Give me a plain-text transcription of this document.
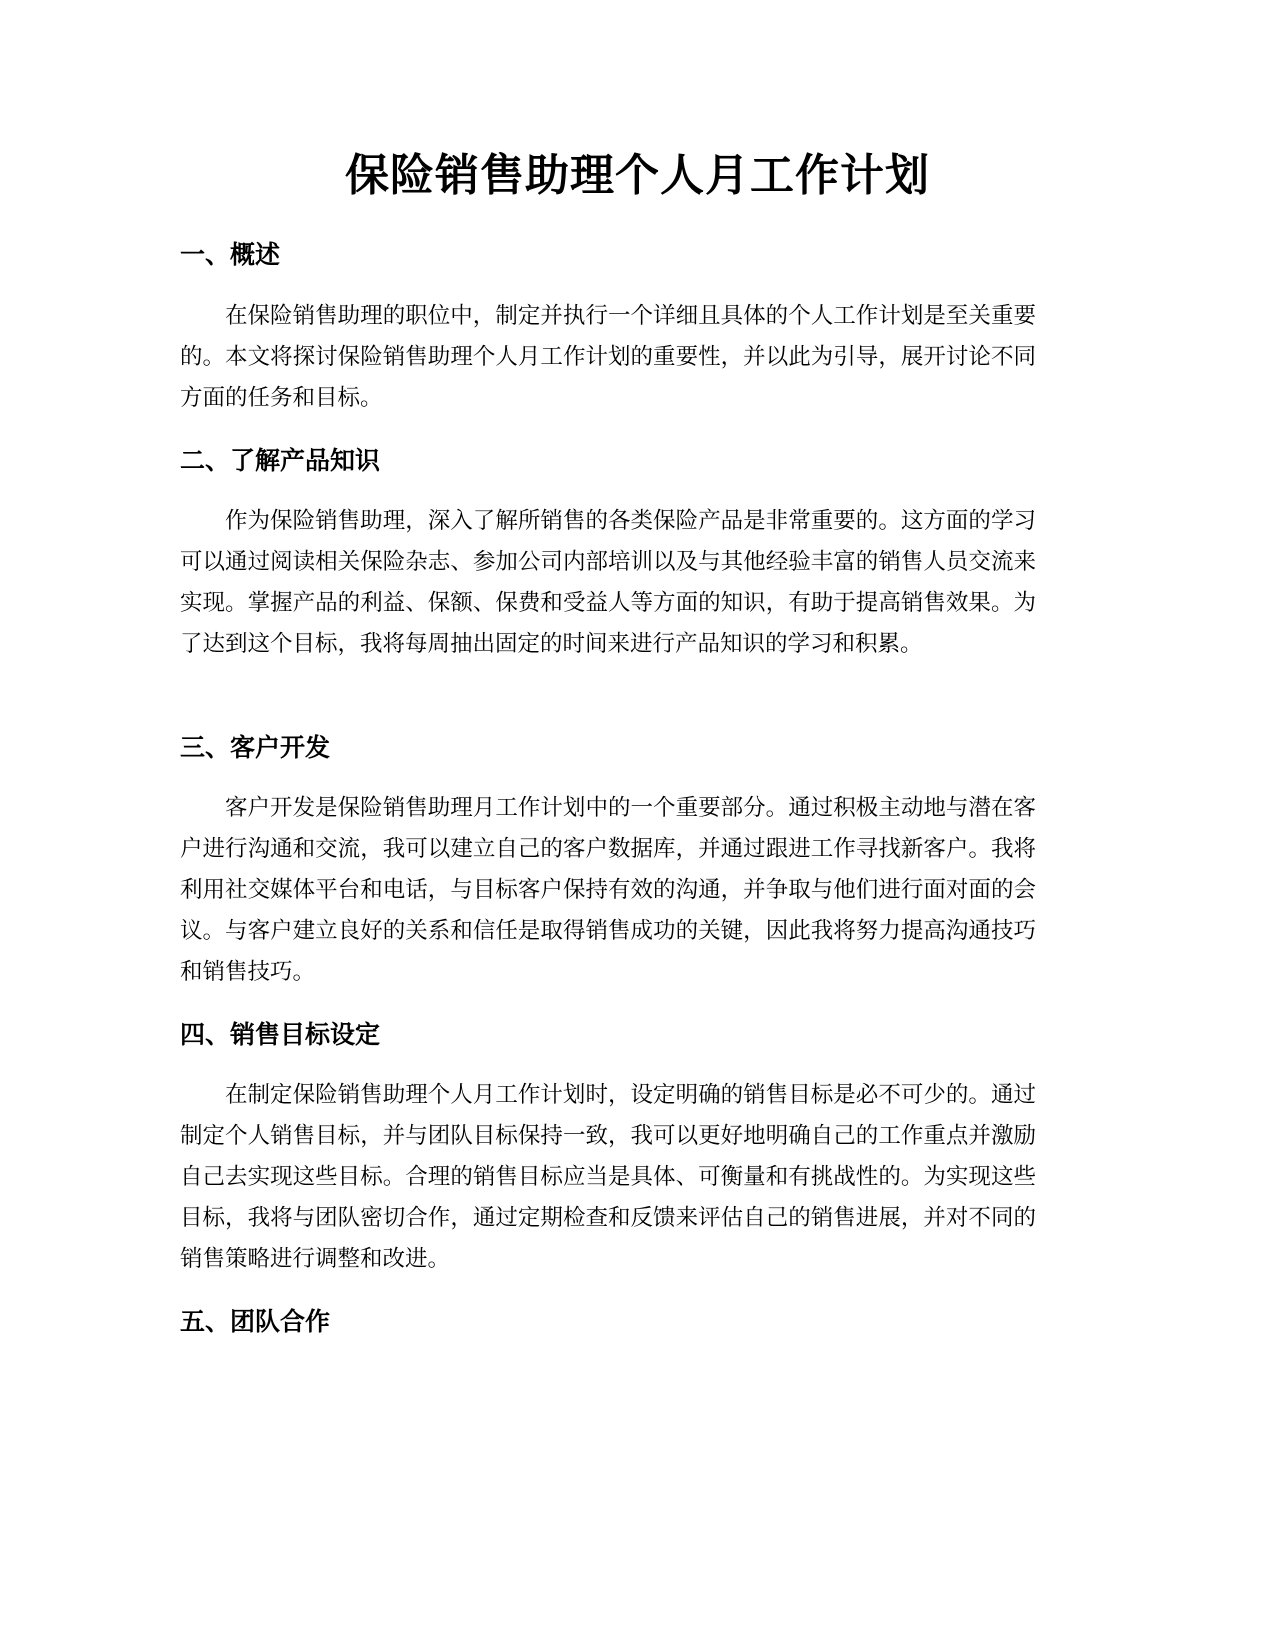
保险销售助理个人月工作计划
一、概述

在保险销售助理的职位中，制定并执行一个详细且具体的个人工作计划是至关重要的。本文将探讨保险销售助理个人月工作计划的重要性，并以此为引导，展开讨论不同方面的任务和目标。

二、了解产品知识

作为保险销售助理，深入了解所销售的各类保险产品是非常重要的。这方面的学习可以通过阅读相关保险杂志、参加公司内部培训以及与其他经验丰富的销售人员交流来实现。掌握产品的利益、保额、保费和受益人等方面的知识，有助于提高销售效果。为了达到这个目标，我将每周抽出固定的时间来进行产品知识的学习和积累。

三、客户开发

客户开发是保险销售助理月工作计划中的一个重要部分。通过积极主动地与潜在客户进行沟通和交流，我可以建立自己的客户数据库，并通过跟进工作寻找新客户。我将利用社交媒体平台和电话，与目标客户保持有效的沟通，并争取与他们进行面对面的会议。与客户建立良好的关系和信任是取得销售成功的关键，因此我将努力提高沟通技巧和销售技巧。

四、销售目标设定

在制定保险销售助理个人月工作计划时，设定明确的销售目标是必不可少的。通过制定个人销售目标，并与团队目标保持一致，我可以更好地明确自己的工作重点并激励自己去实现这些目标。合理的销售目标应当是具体、可衡量和有挑战性的。为实现这些目标，我将与团队密切合作，通过定期检查和反馈来评估自己的销售进展，并对不同的销售策略进行调整和改进。

五、团队合作
